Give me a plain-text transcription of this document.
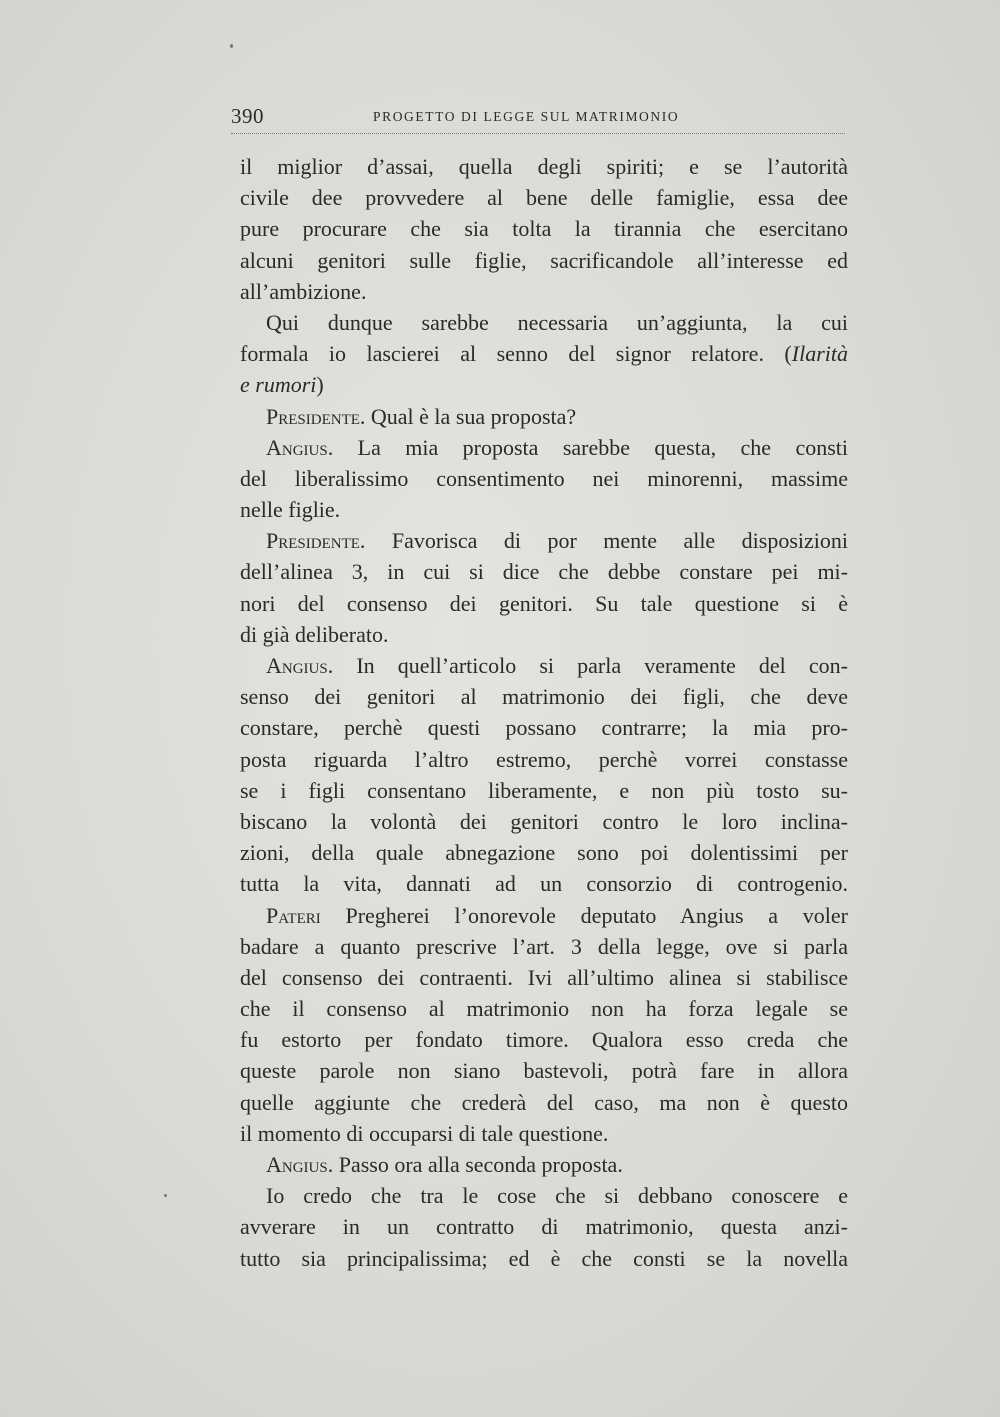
390	PROGETTO DI LEGGE SUL MATRIMONIO
il miglior d’assai, quella degli spiriti; e se l’autorità
civile dee provvedere al bene delle famiglie, essa dee
pure procurare che sia tolta la tirannia che esercitano
alcuni genitori sulle figlie, sacrificandole all’interesse ed
all’ambizione.
Qui dunque sarebbe necessaria un’aggiunta, la cui
formala io lascierei al senno del signor relatore. (Ilarità
e rumori)
Presidente. Qual è la sua proposta?
Angius. La mia proposta sarebbe questa, che consti
del liberalissimo consentimento nei minorenni, massime
nelle figlie.
Presidente. Favorisca di por mente alle disposizioni
dell’alinea 3, in cui si dice che debbe constare pei mi-
nori del consenso dei genitori. Su tale questione si è
di già deliberato.
Angius. In quell’articolo si parla veramente del con-
senso dei genitori al matrimonio dei figli, che deve
constare, perchè questi possano contrarre; la mia pro-
posta riguarda l’altro estremo, perchè vorrei constasse
se i figli consentano liberamente, e non più tosto su-
biscano la volontà dei genitori contro le loro inclina-
zioni, della quale abnegazione sono poi dolentissimi per
tutta la vita, dannati ad un consorzio di controgenio.
Pateri Pregherei l’onorevole deputato Angius a voler
badare a quanto prescrive l’art. 3 della legge, ove si parla
del consenso dei contraenti. Ivi all’ultimo alinea si stabilisce
che il consenso al matrimonio non ha forza legale se
fu estorto per fondato timore. Qualora esso creda che
queste parole non siano bastevoli, potrà fare in allora
quelle aggiunte che crederà del caso, ma non è questo
il momento di occuparsi di tale questione.
Angius. Passo ora alla seconda proposta.
Io credo che tra le cose che si debbano conoscere e
avverare in un contratto di matrimonio, questa anzi-
tutto sia principalissima; ed è che consti se la novella
